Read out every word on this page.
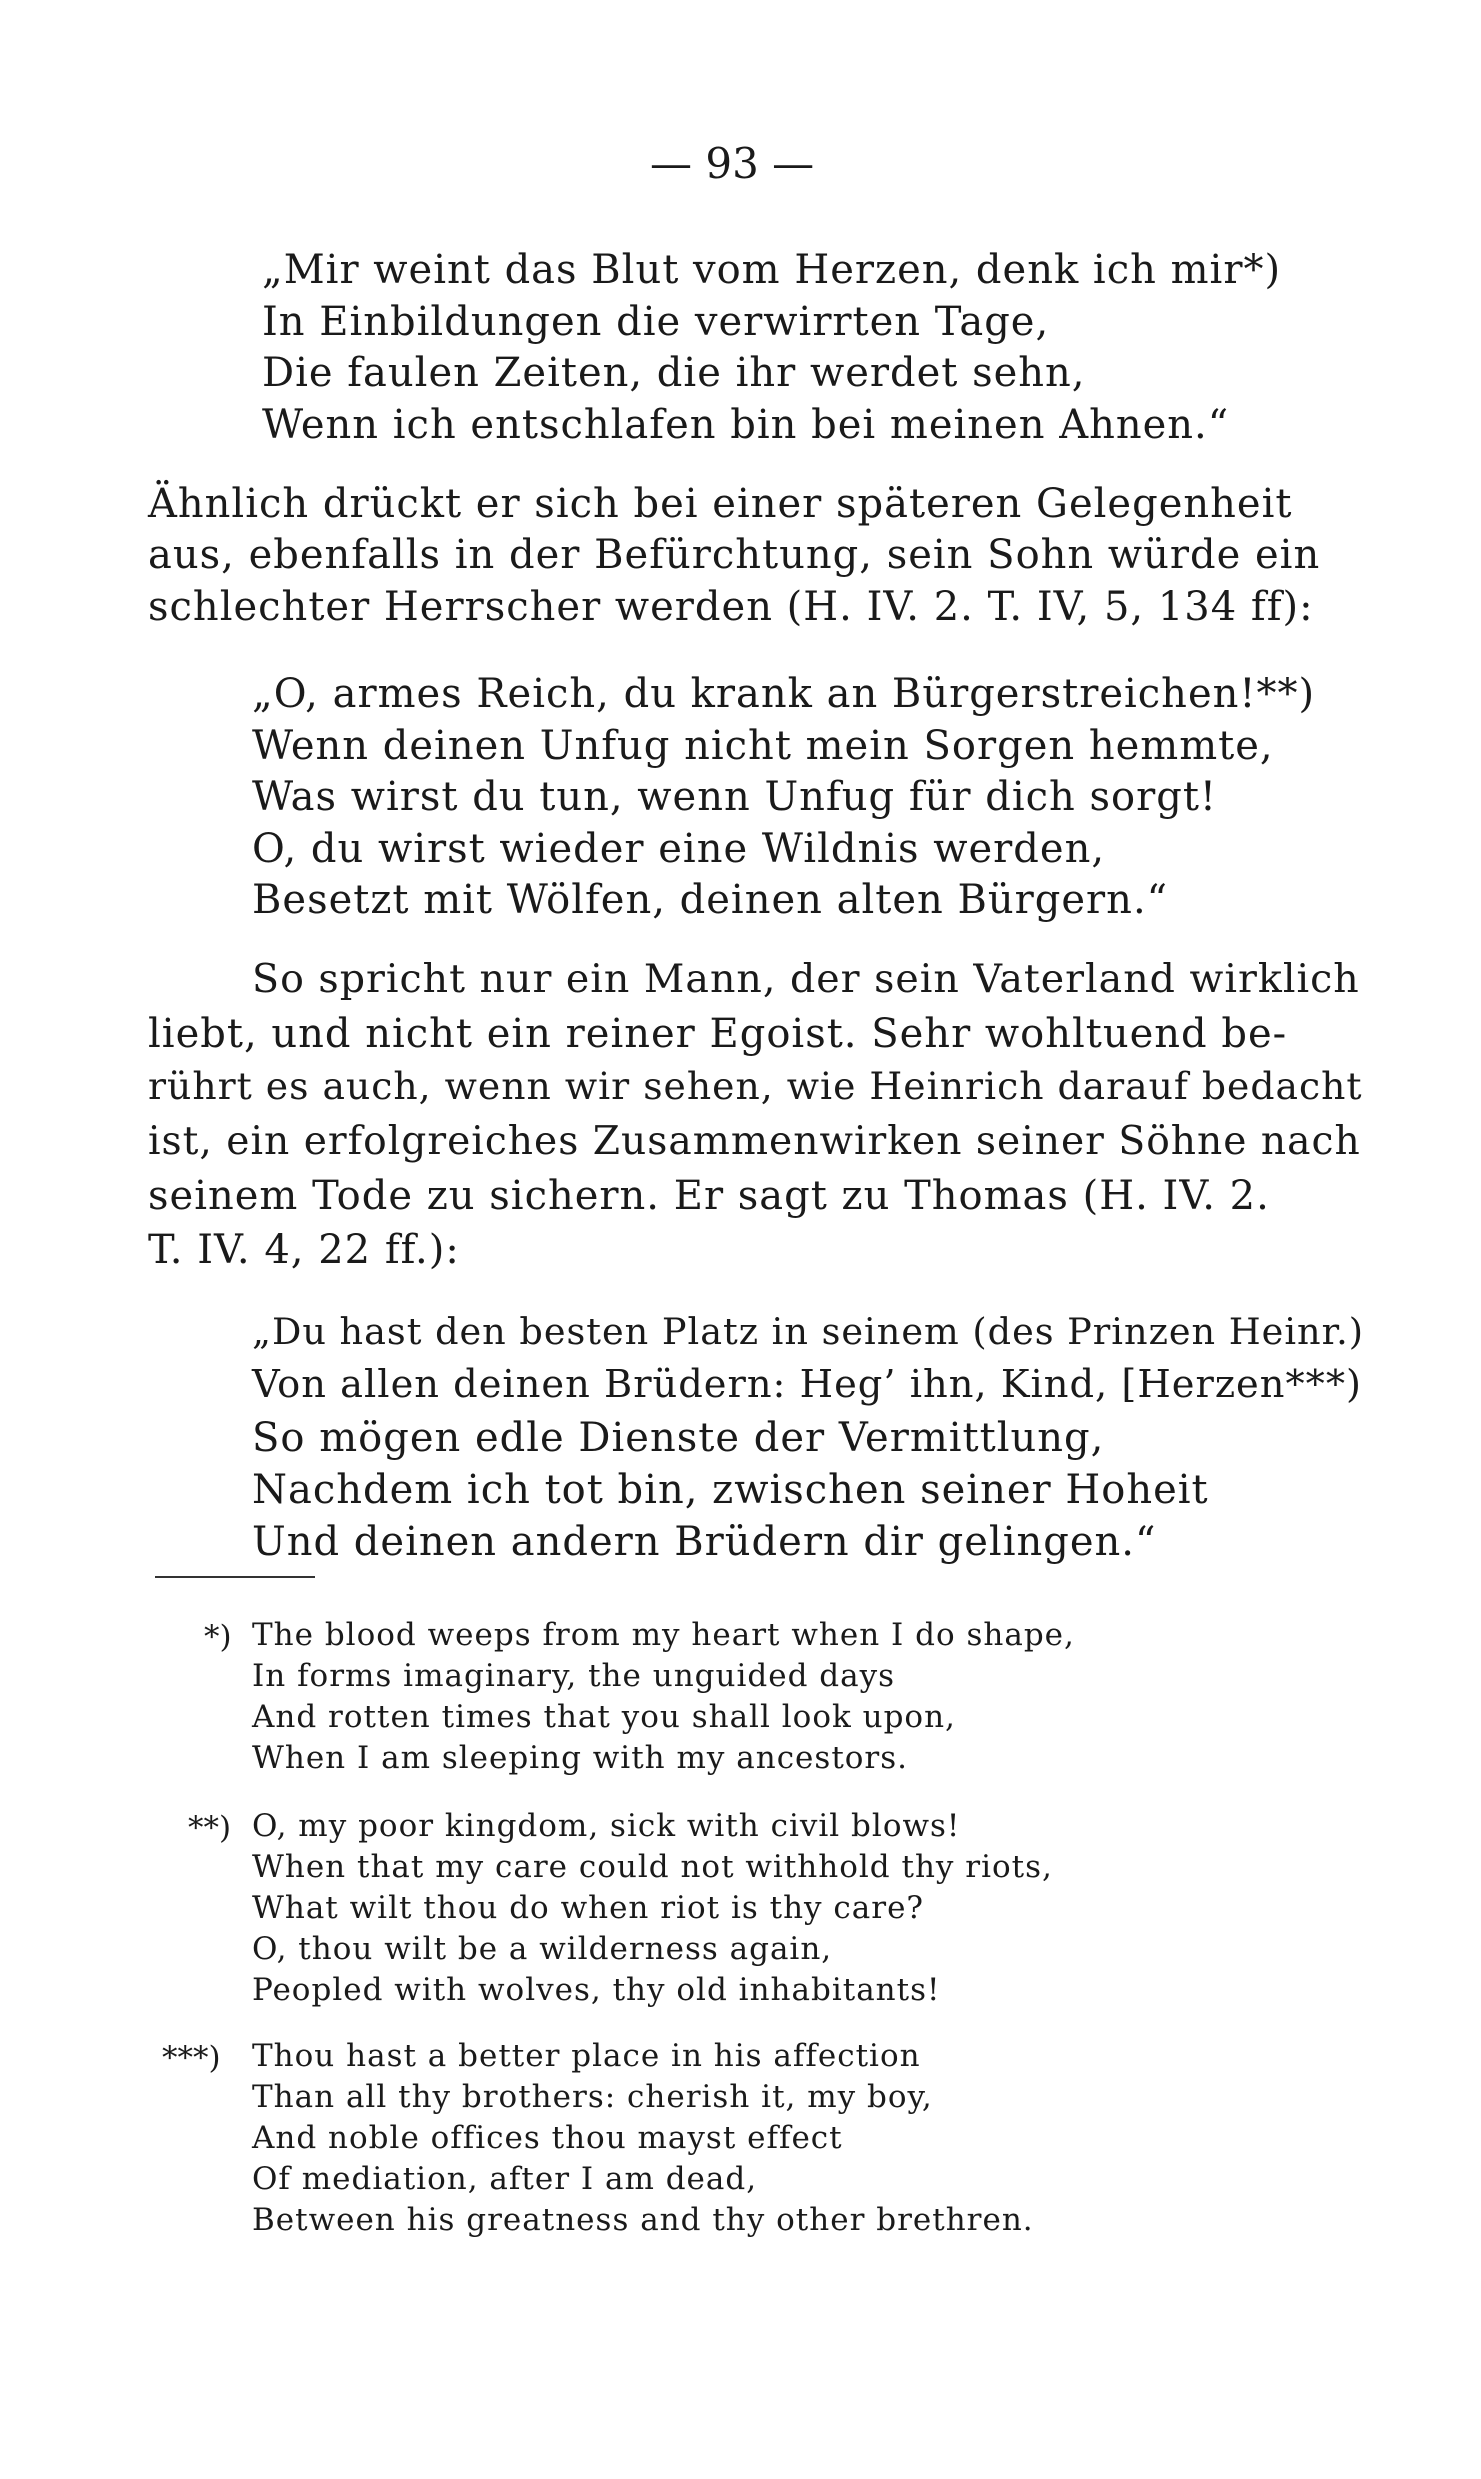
— 93 —
„Mir weint das Blut vom Herzen, denk ich mir*)
In Einbildungen die verwirrten Tage,
Die faulen Zeiten, die ihr werdet sehn,
Wenn ich entschlafen bin bei meinen Ahnen.“
Ähnlich drückt er sich bei einer späteren Gelegenheit
aus, ebenfalls in der Befürchtung, sein Sohn würde ein
schlechter Herrscher werden (H. IV. 2. T. IV, 5, 134 ff):
„O, armes Reich, du krank an Bürgerstreichen!**)
Wenn deinen Unfug nicht mein Sorgen hemmte,
Was wirst du tun, wenn Unfug für dich sorgt!
O, du wirst wieder eine Wildnis werden,
Besetzt mit Wölfen, deinen alten Bürgern.“
So spricht nur ein Mann, der sein Vaterland wirklich
liebt, und nicht ein reiner Egoist. Sehr wohltuend be-
rührt es auch, wenn wir sehen, wie Heinrich darauf bedacht
ist, ein erfolgreiches Zusammenwirken seiner Söhne nach
seinem Tode zu sichern. Er sagt zu Thomas (H. IV. 2.
T. IV. 4, 22 ff.):
„Du hast den besten Platz in seinem (des Prinzen Heinr.)
Von allen deinen Brüdern: Heg’ ihn, Kind, [Herzen***)
So mögen edle Dienste der Vermittlung,
Nachdem ich tot bin, zwischen seiner Hoheit
Und deinen andern Brüdern dir gelingen.“
*) The blood weeps from my heart when I do shape,
In forms imaginary, the unguided days
And rotten times that you shall look upon,
When I am sleeping with my ancestors.
**) O, my poor kingdom, sick with civil blows!
When that my care could not withhold thy riots,
What wilt thou do when riot is thy care?
O, thou wilt be a wilderness again,
Peopled with wolves, thy old inhabitants!
***) Thou hast a better place in his affection
Than all thy brothers: cherish it, my boy,
And noble offices thou mayst effect
Of mediation, after I am dead,
Between his greatness and thy other brethren.
